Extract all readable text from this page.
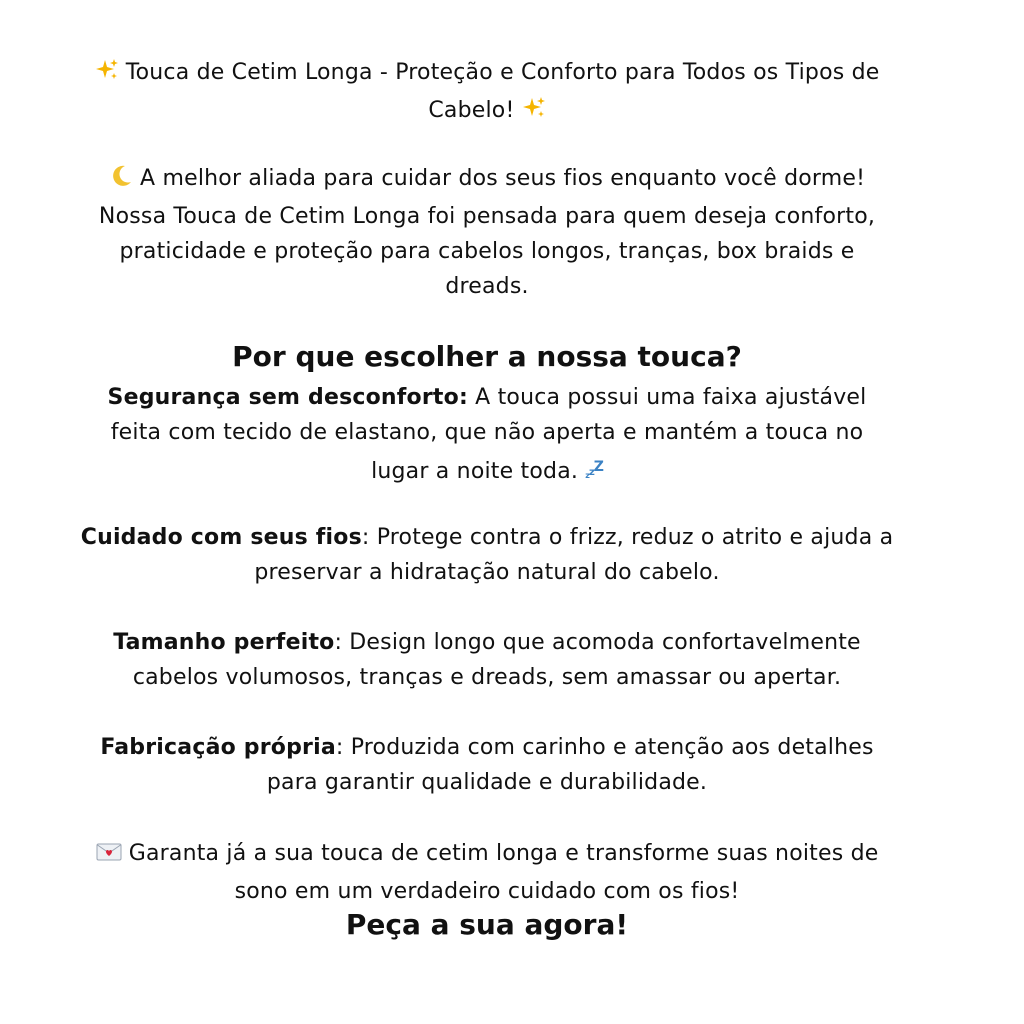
Touca de Cetim Longa - Proteção e Conforto para Todos os Tipos de Cabelo!

A melhor aliada para cuidar dos seus fios enquanto você dorme! Nossa Touca de Cetim Longa foi pensada para quem deseja conforto, praticidade e proteção para cabelos longos, tranças, box braids e dreads.

Por que escolher a nossa touca?

Segurança sem desconforto: A touca possui uma faixa ajustável feita com tecido de elastano, que não aperta e mantém a touca no lugar a noite toda. $_z$zZ

Cuidado com seus fios: Protege contra o frizz, reduz o atrito e ajuda a preservar a hidratação natural do cabelo.

Tamanho perfeito: Design longo que acomoda confortavelmente cabelos volumosos, tranças e dreads, sem amassar ou apertar.

Fabricação própria: Produzida com carinho e atenção aos detalhes para garantir qualidade e durabilidade.

Garanta já a sua touca de cetim longa e transforme suas noites de sono em um verdadeiro cuidado com os fios!

Peça a sua agora!
